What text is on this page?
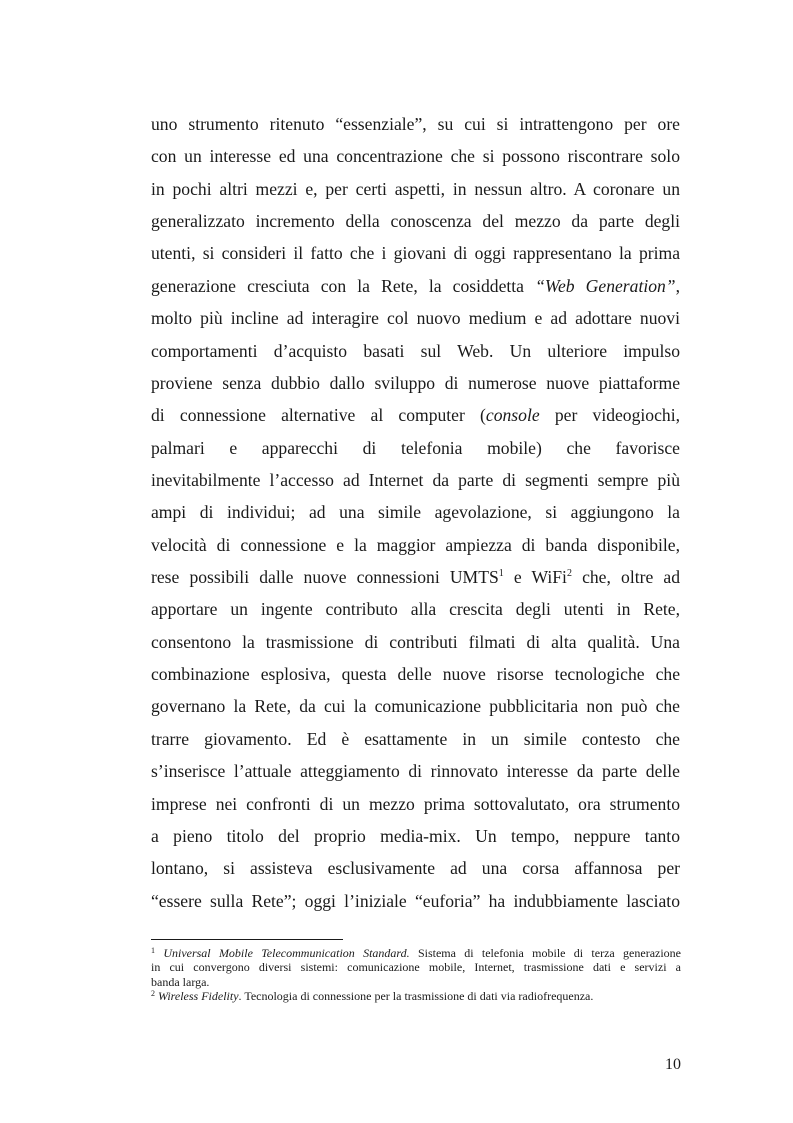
uno strumento ritenuto “essenziale”, su cui si intrattengono per ore
con un interesse ed una concentrazione che si possono riscontrare solo
in pochi altri mezzi e, per certi aspetti, in nessun altro. A coronare un
generalizzato incremento della conoscenza del mezzo da parte degli
utenti, si consideri il fatto che i giovani di oggi rappresentano la prima
generazione cresciuta con la Rete, la cosiddetta “Web Generation”,
molto più incline ad interagire col nuovo medium e ad adottare nuovi
comportamenti d’acquisto basati sul Web. Un ulteriore impulso
proviene senza dubbio dallo sviluppo di numerose nuove piattaforme
di connessione alternative al computer (console per videogiochi,
palmari e apparecchi di telefonia mobile) che favorisce
inevitabilmente l’accesso ad Internet da parte di segmenti sempre più
ampi di individui; ad una simile agevolazione, si aggiungono la
velocità di connessione e la maggior ampiezza di banda disponibile,
rese possibili dalle nuove connessioni UMTS$^1$ e WiFi$^2$ che, oltre ad
apportare un ingente contributo alla crescita degli utenti in Rete,
consentono la trasmissione di contributi filmati di alta qualità. Una
combinazione esplosiva, questa delle nuove risorse tecnologiche che
governano la Rete, da cui la comunicazione pubblicitaria non può che
trarre giovamento. Ed è esattamente in un simile contesto che
s’inserisce l’attuale atteggiamento di rinnovato interesse da parte delle
imprese nei confronti di un mezzo prima sottovalutato, ora strumento
a pieno titolo del proprio media-mix. Un tempo, neppure tanto
lontano, si assisteva esclusivamente ad una corsa affannosa per
“essere sulla Rete”; oggi l’iniziale “euforia” ha indubbiamente lasciato
$^1$ Universal Mobile Telecommunication Standard. Sistema di telefonia mobile di terza generazione
in cui convergono diversi sistemi: comunicazione mobile, Internet, trasmissione dati e servizi a
banda larga.
$^2$ Wireless Fidelity. Tecnologia di connessione per la trasmissione di dati via radiofrequenza.
10
